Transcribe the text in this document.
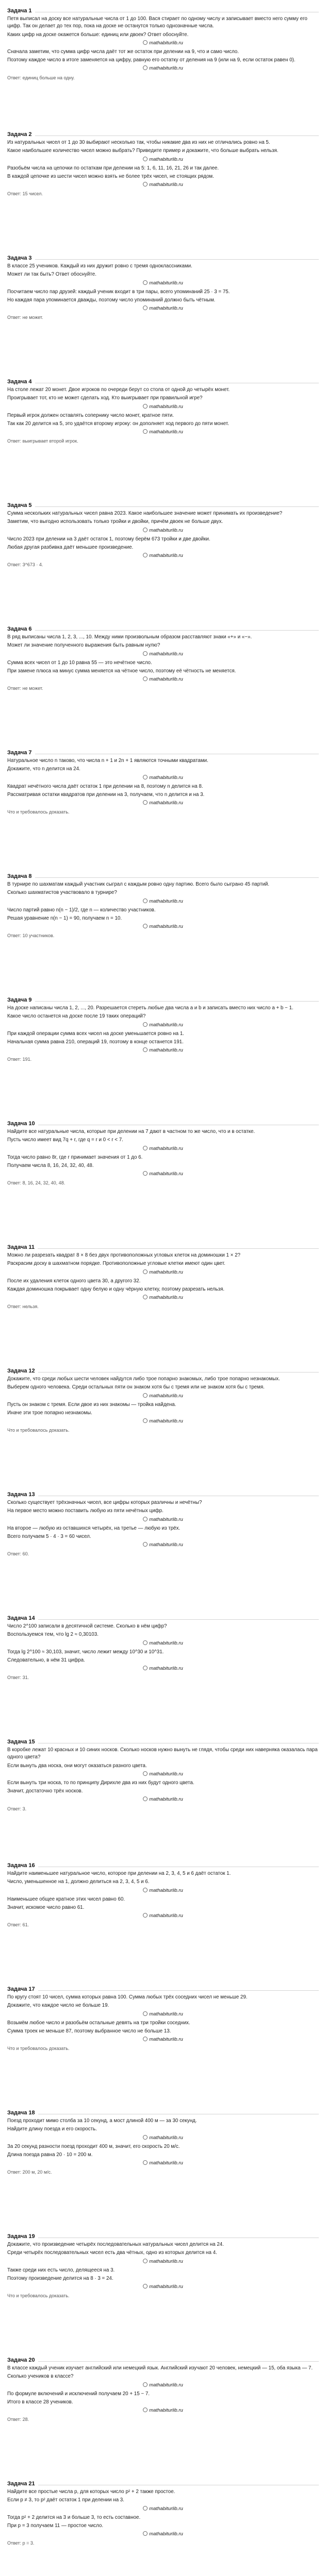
Задача 1

Петя выписал на доску все натуральные числа от 1 до 100. Вася стирает по одному числу и записывает вместо него сумму его цифр. Так он делает до тех пор, пока на доске не останутся только однозначные числа.

Каких цифр на доске окажется больше: единиц или двоек? Ответ обоснуйте.

mathabiturlib.ru

Сначала заметим, что сумма цифр числа даёт тот же остаток при делении на 9, что и само число.

Поэтому каждое число в итоге заменяется на цифру, равную его остатку от деления на 9 (или на 9, если остаток равен 0).

mathabiturlib.ru
Ответ: единиц больше на одну.
Задача 2

Из натуральных чисел от 1 до 30 выбирают несколько так, чтобы никакие два из них не отличались ровно на 5.

Какое наибольшее количество чисел можно выбрать? Приведите пример и докажите, что больше выбрать нельзя.

mathabiturlib.ru

Разобьём числа на цепочки по остаткам при делении на 5: 1, 6, 11, 16, 21, 26 и так далее.

В каждой цепочке из шести чисел можно взять не более трёх чисел, не стоящих рядом.

mathabiturlib.ru
Ответ: 15 чисел.
Задача 3

В классе 25 учеников. Каждый из них дружит ровно с тремя одноклассниками.

Может ли так быть? Ответ обоснуйте.

mathabiturlib.ru

Посчитаем число пар друзей: каждый ученик входит в три пары, всего упоминаний 25 · 3 = 75.

Но каждая пара упоминается дважды, поэтому число упоминаний должно быть чётным.

mathabiturlib.ru
Ответ: не может.
Задача 4

На столе лежат 20 монет. Двое игроков по очереди берут со стола от одной до четырёх монет.

Проигрывает тот, кто не может сделать ход. Кто выигрывает при правильной игре?

mathabiturlib.ru

Первый игрок должен оставлять сопернику число монет, кратное пяти.

Так как 20 делится на 5, это удаётся второму игроку: он дополняет ход первого до пяти монет.

mathabiturlib.ru
Ответ: выигрывает второй игрок.
Задача 5

Сумма нескольких натуральных чисел равна 2023. Какое наибольшее значение может принимать их произведение?

Заметим, что выгодно использовать только тройки и двойки, причём двоек не больше двух.

mathabiturlib.ru

Число 2023 при делении на 3 даёт остаток 1, поэтому берём 673 тройки и две двойки.

Любая другая разбивка даёт меньшее произведение.

mathabiturlib.ru
Ответ: 3^673 · 4.
Задача 6

В ряд выписаны числа 1, 2, 3, ..., 10. Между ними произвольным образом расставляют знаки «+» и «−».

Может ли значение полученного выражения быть равным нулю?

mathabiturlib.ru

Сумма всех чисел от 1 до 10 равна 55 — это нечётное число.

При замене плюса на минус сумма меняется на чётное число, поэтому её чётность не меняется.

mathabiturlib.ru
Ответ: не может.
Задача 7

Натуральное число n таково, что числа n + 1 и 2n + 1 являются точными квадратами.

Докажите, что n делится на 24.

mathabiturlib.ru

Квадрат нечётного числа даёт остаток 1 при делении на 8, поэтому n делится на 8.

Рассматривая остатки квадратов при делении на 3, получаем, что n делится и на 3.

mathabiturlib.ru
Что и требовалось доказать.
Задача 8

В турнире по шахматам каждый участник сыграл с каждым ровно одну партию. Всего было сыграно 45 партий.

Сколько шахматистов участвовало в турнире?

mathabiturlib.ru

Число партий равно n(n − 1)/2, где n — количество участников.

Решая уравнение n(n − 1) = 90, получаем n = 10.

mathabiturlib.ru
Ответ: 10 участников.
Задача 9

На доске написаны числа 1, 2, ..., 20. Разрешается стереть любые два числа a и b и записать вместо них число a + b − 1.

Какое число останется на доске после 19 таких операций?

mathabiturlib.ru

При каждой операции сумма всех чисел на доске уменьшается ровно на 1.

Начальная сумма равна 210, операций 19, поэтому в конце останется 191.

mathabiturlib.ru
Ответ: 191.
Задача 10

Найдите все натуральные числа, которые при делении на 7 дают в частном то же число, что и в остатке.

Пусть число имеет вид 7q + r, где q = r и 0 < r < 7.

mathabiturlib.ru

Тогда число равно 8r, где r принимает значения от 1 до 6.

Получаем числа 8, 16, 24, 32, 40, 48.

mathabiturlib.ru
Ответ: 8, 16, 24, 32, 40, 48.
Задача 11

Можно ли разрезать квадрат 8 × 8 без двух противоположных угловых клеток на доминошки 1 × 2?

Раскрасим доску в шахматном порядке. Противоположные угловые клетки имеют один цвет.

mathabiturlib.ru

После их удаления клеток одного цвета 30, а другого 32.

Каждая доминошка покрывает одну белую и одну чёрную клетку, поэтому разрезать нельзя.

mathabiturlib.ru
Ответ: нельзя.
Задача 12

Докажите, что среди любых шести человек найдутся либо трое попарно знакомых, либо трое попарно незнакомых.

Выберем одного человека. Среди остальных пяти он знаком хотя бы с тремя или не знаком хотя бы с тремя.

mathabiturlib.ru

Пусть он знаком с тремя. Если двое из них знакомы — тройка найдена.

Иначе эти трое попарно незнакомы.

mathabiturlib.ru
Что и требовалось доказать.
Задача 13

Сколько существует трёхзначных чисел, все цифры которых различны и нечётны?

На первое место можно поставить любую из пяти нечётных цифр.

mathabiturlib.ru

На второе — любую из оставшихся четырёх, на третье — любую из трёх.

Всего получаем 5 · 4 · 3 = 60 чисел.

mathabiturlib.ru
Ответ: 60.
Задача 14

Число 2^100 записали в десятичной системе. Сколько в нём цифр?

Воспользуемся тем, что lg 2 ≈ 0,30103.

mathabiturlib.ru

Тогда lg 2^100 ≈ 30,103, значит, число лежит между 10^30 и 10^31.

Следовательно, в нём 31 цифра.

mathabiturlib.ru
Ответ: 31.
Задача 15

В коробке лежат 10 красных и 10 синих носков. Сколько носков нужно вынуть не глядя, чтобы среди них наверняка оказалась пара одного цвета?

Если вынуть два носка, они могут оказаться разного цвета.

mathabiturlib.ru

Если вынуть три носка, то по принципу Дирихле два из них будут одного цвета.

Значит, достаточно трёх носков.

mathabiturlib.ru
Ответ: 3.
Задача 16

Найдите наименьшее натуральное число, которое при делении на 2, 3, 4, 5 и 6 даёт остаток 1.

Число, уменьшенное на 1, должно делиться на 2, 3, 4, 5 и 6.

mathabiturlib.ru

Наименьшее общее кратное этих чисел равно 60.

Значит, искомое число равно 61.

mathabiturlib.ru
Ответ: 61.
Задача 17

По кругу стоят 10 чисел, сумма которых равна 100. Сумма любых трёх соседних чисел не меньше 29.

Докажите, что каждое число не больше 19.

mathabiturlib.ru

Возьмём любое число и разобьём остальные девять на три тройки соседних.

Сумма троек не меньше 87, поэтому выбранное число не больше 13.

mathabiturlib.ru
Что и требовалось доказать.
Задача 18

Поезд проходит мимо столба за 10 секунд, а мост длиной 400 м — за 30 секунд.

Найдите длину поезда и его скорость.

mathabiturlib.ru

За 20 секунд разности поезд проходит 400 м, значит, его скорость 20 м/с.

Длина поезда равна 20 · 10 = 200 м.

mathabiturlib.ru
Ответ: 200 м, 20 м/с.
Задача 19

Докажите, что произведение четырёх последовательных натуральных чисел делится на 24.

Среди четырёх последовательных чисел есть два чётных, одно из которых делится на 4.

mathabiturlib.ru

Также среди них есть число, делящееся на 3.

Поэтому произведение делится на 8 · 3 = 24.

mathabiturlib.ru
Что и требовалось доказать.
Задача 20

В классе каждый ученик изучает английский или немецкий язык. Английский изучают 20 человек, немецкий — 15, оба языка — 7.

Сколько учеников в классе?

mathabiturlib.ru

По формуле включений и исключений получаем 20 + 15 − 7.

Итого в классе 28 учеников.

mathabiturlib.ru
Ответ: 28.
Задача 21

Найдите все простые числа p, для которых число p² + 2 также простое.

Если p ≠ 3, то p² даёт остаток 1 при делении на 3.

mathabiturlib.ru

Тогда p² + 2 делится на 3 и больше 3, то есть составное.

При p = 3 получаем 11 — простое число.

mathabiturlib.ru
Ответ: p = 3.
